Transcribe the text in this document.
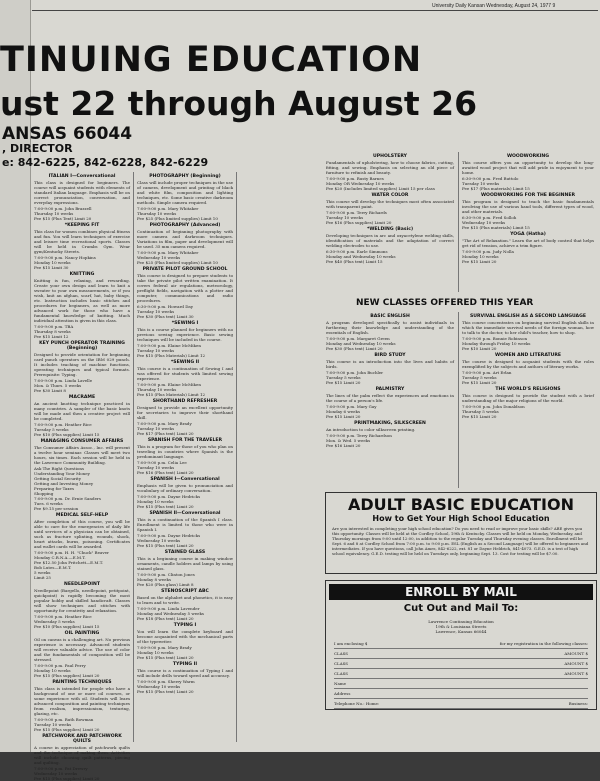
University Daily Kansan Wednesday, August 24, 1977 9
TINUING EDUCATION
ust 22 through August 26
ANSAS 66044
, DIRECTOR
e: 842-6225, 842-6228, 842-6229
ITALIAN I—Conversational
This class is designed for beginners. The course will acquaint students with elements of standard Italian language. Emphasis will be on correct pronunciation, conversation, and everyday expressions.
7:00-9:00 p.m. John Brazzell
Thursday 10 weeks
Fee $15 (Plus Text) Limit 20
*KEEPING FIT
This class for women combines physical fitness and fun. You will learn techniques of exercise and leisure time recreational sports. Classes will be held in Crumbs Gym. Wear gym/Kentucky Streets.
7:00-9:00 p.m. Nancy Hopkins
Monday 10 weeks
Fee $15 Limit 30
KNITTING
Knitting is fun, relaxing, and rewarding. Create your own design and learn to knit a sweater to your own measurements, or if you wish, knit an afghan, scarf, hat, baby things, etc. Instruction includes basic stitches and procedures for beginners, as well as more advanced work for those who have a fundamental knowledge of knitting. Much individual attention is given in this class.
7:00-9:00 p.m. TBA
Thursday 8 weeks
Fee $15 Limit 12
KEY PUNCH OPERATOR TRAINING (Beginning)
Designed to provide orientation for beginning card punch operators on the IBM 029 punch. It includes teaching of machine functions, operating techniques and typical formats. Prerequisite: Typing.
7:00-9:00 p.m. Linda Lavelle
Mon. & Thurs. 5 weeks
Fee $30 Limit 8
MACRAME
An ancient knotting technique practiced in many countries. A sampler of the basic knots will be made and then a creative project will be completed.
7:00-9:00 p.m. Heather Rice
Tuesday 5 weeks
Fee $10 (Plus supplies) Limit 15
MANAGING CONSUMER AFFAIRS
The Consumer Affairs Assoc., Inc. will present a twelve hour seminar. Classes will meet two hours, six times. Each session will be held in the Lawrence Community Building.
Ask The Right Questions
Understanding Your Money
Getting Social Security
Getting and Investing Money
Preparing for Taxes
Shopping
7:00-9:00 p.m. Dr. Ernie Sanders
Tues. 6 weeks
Fee $9.15 per session
MEDICAL SELF-HELP
After completion of this course, you will be able to care for the emergencies of daily life until services of a physician can be obtained, such as fracture splinting, wounds, shock, heart attacks, burns, poisoning. Certificates and wallet cards will be awarded.
7:00-9:00 p.m. H. H. "Chuck" Beaver
Monday C.R.N.A.—E.M.T.
Fee $12.50 John Pritchett—E.M.T.
Bob Lutes—E.M.T.
5 weeks
Limit 25
NEEDLEPOINT
Needlepoint (Bargello, needlepoint, petitpoint, quickpoint) is rapidly becoming the most popular hobby and skilled handicraft. Classes will show techniques and stitches with opportunity for creativity and relaxation.
7:00-9:00 p.m. Heather Rice
Wednesday 5 weeks
Fee $10 (Plus supplies) Limit 15
OIL PAINTING
Oil on canvas is a challenging art. No previous experience is necessary. Advanced students will receive valuable advice. The use of color and the fundamentals of composition will be stressed.
7:00-9:00 p.m. Paul Perry
Monday 10 weeks
Fee $15 (Plus supplies) Limit 20
PAINTING TECHNIQUES
This class is intended for people who have a background of one or more oil courses, or some experience with oil. Students will learn advanced composition and painting techniques from realism, impressionism, texturing, glazing, etc.
7:00-9:00 p.m. Ruth Bowman
Tuesday 10 weeks
Fee $15 (Plus supplies) Limit 20
PATCHWORK AND PATCHWORK QUILTS
A course in appreciation of patchwork quilts and the technique of making them. Activities will include choosing quilt patterns, piecing and quilting.
7:00-9:00 p.m. Pat Drewry
Wednesday 10 weeks
Fee $15 (Plus supplies) Limit 20
PHOTOGRAPHY (Beginning)
Class will include proper techniques in the use of camera, development and printing of black and white film, composition and lighting techniques, etc. Some basic creative darkroom methods. Simple camera required.
7:00-9:00 p.m. Mary Whitaker
Thursday 10 weeks
Fee $25 (Plus limited supplies) Limit 10
PHOTOGRAPHY (Advanced)
Continuation of beginning photography with more camera and darkroom techniques. Variations in film, paper and development will be used. 35 mm camera required.
7:00-9:00 p.m. Mary Whitaker
Wednesday 10 weeks
Fee $25 (Plus limited supplies) Limit 10
PRIVATE PILOT GROUND SCHOOL
This course is designed to prepare students to take the private pilot written examination. It covers federal air regulations, meteorology, preflight fields, navigation with a plotter and computer, communications and radio procedures.
6:30-9:00 p.m. Howard Day
Tuesday 10 weeks
Fee $30 (Plus text) Limit 30
*SEWING I
This is a course planned for beginners with no previous sewing experience. Basic sewing techniques will be included in the course.
7:00-9:00 p.m. Elaine McMiken
Tuesday 10 weeks
Fee $15 (Plus Materials) Limit 12
*SEWING II
This course is a continuation of Sewing I and was offered for students with limited sewing experience.
7:00-9:00 p.m. Elaine McMiken
Thursday 10 weeks
Fee $15 (Plus Materials) Limit 12
SHORTHAND REFRESHER
Designed to provide an excellent opportunity for secretaries to improve their shorthand skill.
7:00-9:00 p.m. Mary Brady
Tuesday 10 weeks
Fee $17 (Plus text) Limit 20
SPANISH FOR THE TRAVELER
This is a program for those of you who plan on traveling in countries where Spanish is the predominant language.
7:00-9:00 p.m. Celia Lee
Tuesday 10 weeks
Fee $16 (Plus text) Limit 20
SPANISH I—Conversational
Emphasis will be given to pronunciation and vocabulary of ordinary conversation.
7:00-9:00 p.m. Dayne Hedricks
Monday 10 weeks
Fee $15 (Plus text) Limit 20
SPANISH II—Conversational
This is a continuation of the Spanish I class. Enrollment is limited to those who were in Spanish I.
7:00-9:00 p.m. Dayne Hedricks
Wednesday 10 weeks
Fee $15 (Plus text) Limit 20
STAINED GLASS
This is a beginning course in making window ornaments, candle holders and lamps by using stained glass.
7:00-9:00 p.m. Clinton Jones
Monday 8 weeks
Fee $20 (Plus glass) Limit 8
STENOSCRIPT ABC
Based on the alphabet and phonetics, it is easy to learn and to write.
7:00-9:00 p.m. Linda Lavender
Monday and Wednesday 5 weeks
Fee $18 (Plus text) Limit 20
TYPING I
You will learn the complete keyboard and become acquainted with the mechanical parts of the typewriter.
7:00-9:00 p.m. Mary Brady
Monday 10 weeks
Fee $15 (Plus text) Limit 20
TYPING II
This course is a continuation of Typing I and will include drills toward speed and accuracy.
7:00-9:00 p.m. Sherry Warm
Wednesday 10 weeks
Fee $15 (Plus text) Limit 20
UPHOLSTERY
Fundamentals of upholstering, how to choose fabrics, cutting, fitting, and sewing. Emphasis on selecting an old piece of furniture to refinish and beauty.
7:00-9:00 p.m. Rusty Barnes
Monday OR Wednesday 10 weeks
Fee $20 (Includes limited supplies) Limit 15 per class
WATER COLOR
This course will develop the techniques most often associated with transparent paint.
7:00-9:00 p.m. Terry Richards
Tuesday 10 weeks
Fee $16 (Plus supplies) Limit 20
*WELDING (Basic)
Developing techniques in arc and oxyacetylene welding skills, identification of materials and the adaptation of correct welding electrodes to use.
6:30-9:00 p.m. Earle Simmons
Monday and Wednesday 10 weeks
Fee $40 (Plus text) Limit 15
WOODWORKING
This course offers you an opportunity to develop the long-awaited wood project that will add pride in enjoyment to your home.
6:30-9:00 p.m. Fred Buttolo
Tuesday 10 weeks
Fee $17 (Plus materials) Limit 15
WOODWORKING FOR THE BEGINNER
This program is designed to teach the basic fundamentals involving the use of various hand tools, different types of wood, and other materials.
6:30-9:00 p.m. Fred Solloh
Wednesday 10 weeks
Fee $15 (Plus materials) Limit 15
YOGA (Hatha)
"The Art of Relaxation." Learn the art of body control that helps get rid of tension, achieve a trim figure.
7:00-9:00 p.m. Judy Nolla
Monday 10 weeks
Fee $15 Limit 20
NEW CLASSES OFFERED THIS YEAR
BASIC ENGLISH
A program developed specifically to assist individuals in furthering their knowledge and understanding of the essentials of English.
7:00-9:00 p.m. Margaret Green
Monday and Wednesday 10 weeks
Fee $30 (Plus text) Limit 20
BIRD STUDY
This course is an introduction into the lives and habits of birds.
7:00-9:00 p.m. John Buchler
Tuesday 5 weeks
Fee $15 Limit 20
PALMISTRY
The lines of the palm reflect the experiences and emotions in the course of a person's life.
7:00-9:00 p.m. Mary Gay
Monday 6 weeks
Fee $15 Limit 20
PRINTMAKING, SILKSCREEN
An introduction to color silkscreen printing.
7:00-9:00 p.m. Terry Richardson
Mon. & Wed. 5 weeks
Fee $16 Limit 20
SURVIVAL ENGLISH AS A SECOND LANGUAGE
This course concentrates on beginning survival English skills in which the immediate survival needs of the foreign woman, how to talk to the doctor, to her child's teacher, how to shop.
7:00-9:00 p.m. Bonnie Robinson
Monday through Friday 10 weeks
Fee $10 Limit 20
WOMEN AND LITERATURE
The course is designed to acquaint students with the roles exemplified by the subjects and authors of literary works.
7:00-9:00 p.m. Art Erlan
Tuesday 5 weeks
Fee $15 Limit 20
THE WORLD'S RELIGIONS
This course is designed to provide the student with a brief understanding of the major religions of the world.
7:00-9:00 p.m. John Donaldson
Thursday 5 weeks
Fee $15 Limit 20
ADULT BASIC EDUCATION
How to Get Your High School Education
Are you interested in completing your high school education? Do you need to read or improve your basic skills? ABE gives you this opportunity. Classes will be held at the Cordley School, 19th & Kentucky. Classes will be held on Monday, Wednesday, and Thursday mornings from 9:00 until 12:00, in addition to the regular Tuesday and Thursday evening classes. Enrollment will be Sept. 6 and 8 at Cordley School from 7:00 p.m. to 9:00 p.m. ESL (English as a Second Language) will be offered to beginners and intermediates. If you have questions, call John Ames, 842-6222, ext. 81 or Dayne Heldrich, 841-4073. G.E.D. is a test of high school equivalency. G.E.D. testing will be held on Tuesdays only, beginning Sept. 13. Cost for testing will be $7.00.
ENROLL BY MAIL
Cut Out and Mail To:
Lawrence Continuing Education
19th & Louisiana Streets
Lawrence, Kansas 66044
I am enclosing $	for my registration in the following classes:
CLASS	AMOUNT $
CLASS	AMOUNT $
CLASS	AMOUNT $
Name
Address
Telephone No.: Home:	Business:
